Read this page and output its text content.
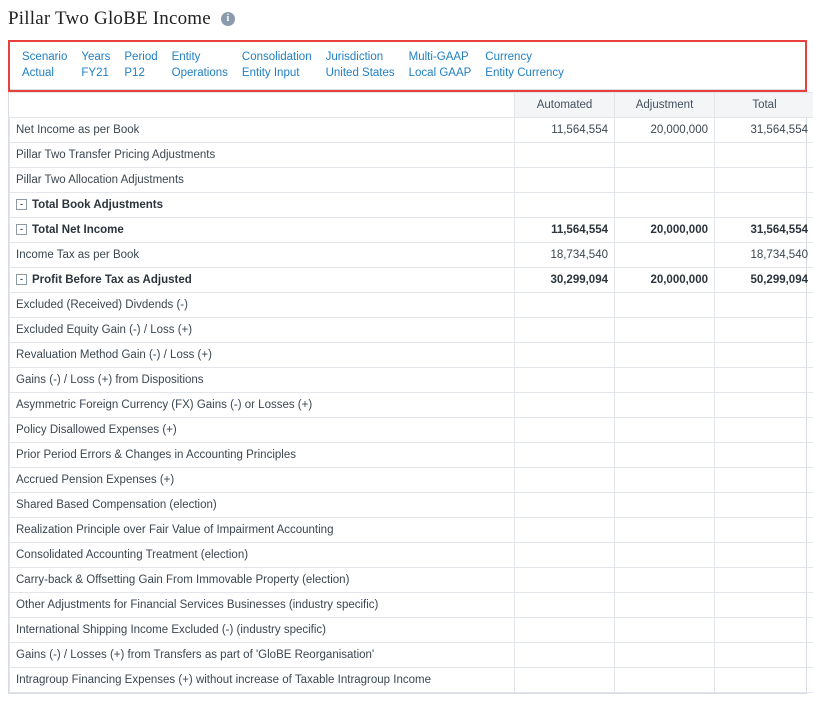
Pillar Two GloBE Income	i
Scenario
Actual
Years
FY21
Period
P12
Entity
Operations
Consolidation
Entity Input
Jurisdiction
United States
Multi-GAAP
Local GAAP
Currency
Entity Currency
	Automated	Adjustment	Total
Net Income as per Book	11,564,554	20,000,000	31,564,554
Pillar Two Transfer Pricing Adjustments			
Pillar Two Allocation Adjustments			
- Total Book Adjustments			
- Total Net Income	11,564,554	20,000,000	31,564,554
Income Tax as per Book	18,734,540		18,734,540
- Profit Before Tax as Adjusted	30,299,094	20,000,000	50,299,094
Excluded (Received) Divdends (-)			
Excluded Equity Gain (-) / Loss (+)			
Revaluation Method Gain (-) / Loss (+)			
Gains (-) / Loss (+) from Dispositions			
Asymmetric Foreign Currency (FX) Gains (-) or Losses (+)			
Policy Disallowed Expenses (+)			
Prior Period Errors & Changes in Accounting Principles			
Accrued Pension Expenses (+)			
Shared Based Compensation (election)			
Realization Principle over Fair Value of Impairment Accounting			
Consolidated Accounting Treatment (election)			
Carry-back & Offsetting Gain From Immovable Property (election)			
Other Adjustments for Financial Services Businesses (industry specific)			
International Shipping Income Excluded (-) (industry specific)			
Gains (-) / Losses (+) from Transfers as part of 'GloBE Reorganisation'			
Intragroup Financing Expenses (+) without increase of Taxable Intragroup Income			
